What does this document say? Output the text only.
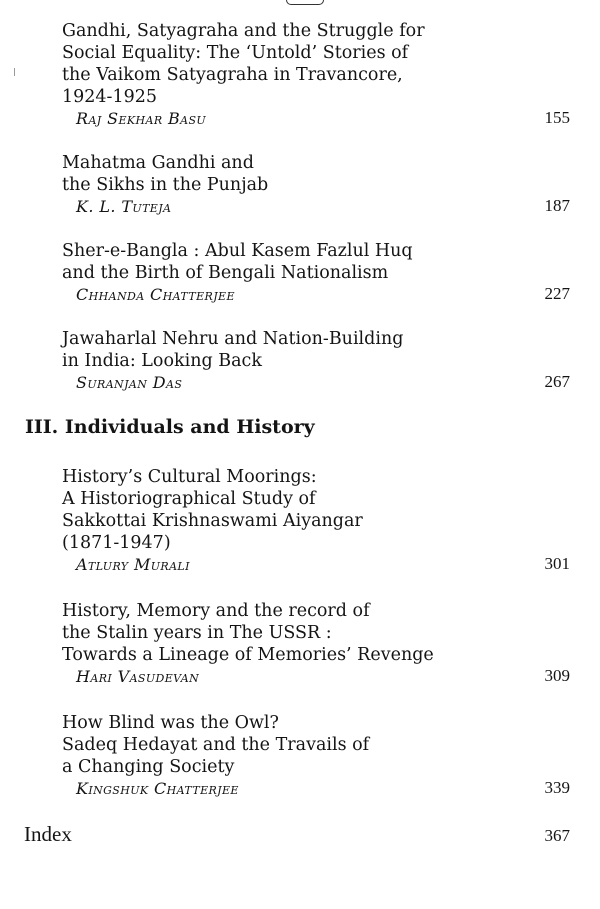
Gandhi, Satyagraha and the Struggle for
Social Equality: The ‘Untold’ Stories of
the Vaikom Satyagraha in Travancore,
1924-1925
Raj Sekhar Basu	155
Mahatma Gandhi and
the Sikhs in the Punjab
K. L. Tuteja	187
Sher-e-Bangla : Abul Kasem Fazlul Huq
and the Birth of Bengali Nationalism
Chhanda Chatterjee	227
Jawaharlal Nehru and Nation-Building
in India: Looking Back
Suranjan Das	267
III. Individuals and History
History’s Cultural Moorings:
A Historiographical Study of
Sakkottai Krishnaswami Aiyangar
(1871-1947)
Atlury Murali	301
History, Memory and the record of
the Stalin years in The USSR :
Towards a Lineage of Memories’ Revenge
Hari Vasudevan	309
How Blind was the Owl?
Sadeq Hedayat and the Travails of
a Changing Society
Kingshuk Chatterjee	339
Index	367
